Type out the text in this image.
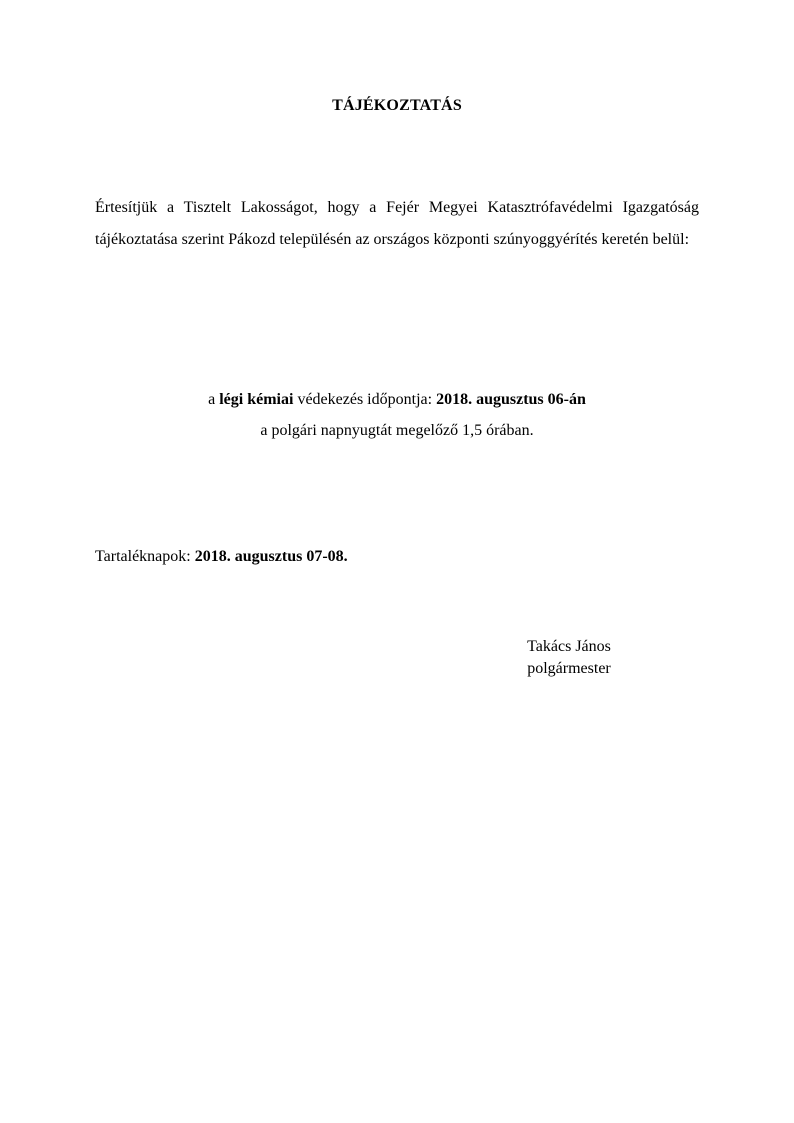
TÁJÉKOZTATÁS
Értesítjük a Tisztelt Lakosságot, hogy a Fejér Megyei Katasztrófavédelmi Igazgatóság tájékoztatása szerint Pákozd településén az országos központi szúnyoggyérítés keretén belül:
a légi kémiai védekezés időpontja: 2018. augusztus 06-án
a polgári napnyugtát megelőző 1,5 órában.
Tartaléknapok: 2018. augusztus 07-08.
Takács János
polgármester
